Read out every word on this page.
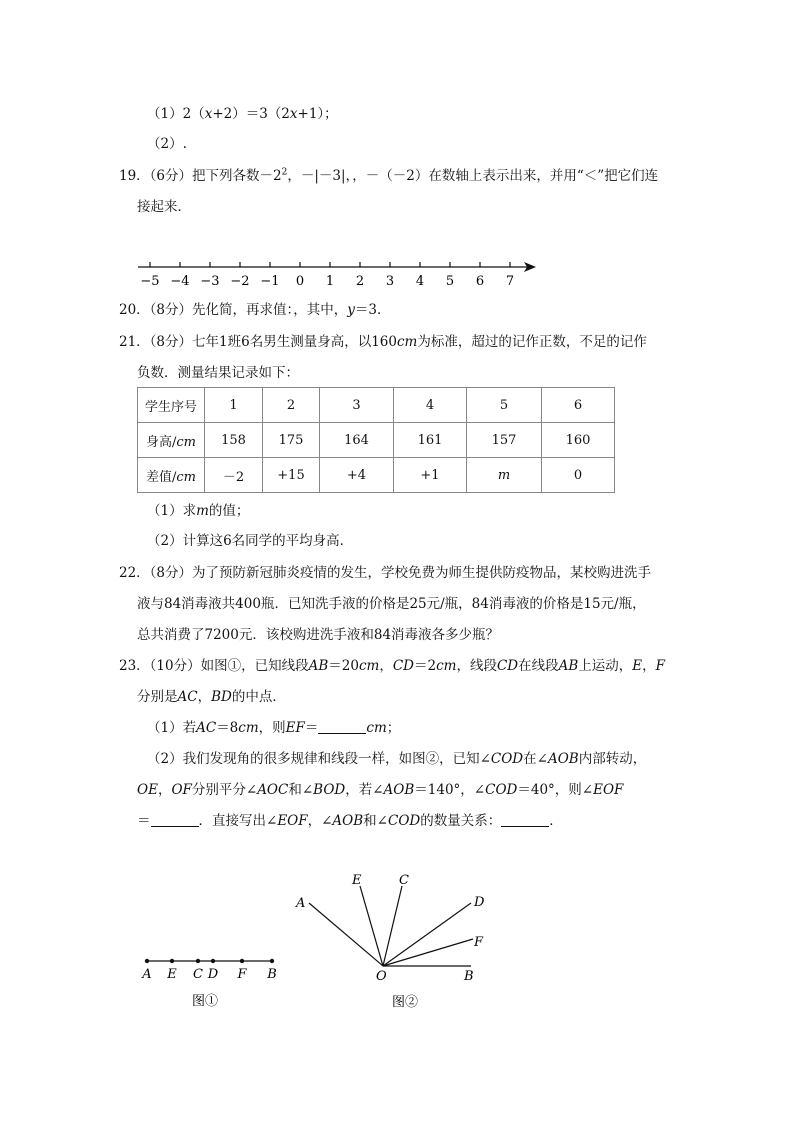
（1）2（x+2）＝3（2x+1）；
（2）.
19．（6分）把下列各数$-2^2$，－|－3|，，－（－2）在数轴上表示出来，并用“＜”把它们连
接起来．
−5 −4 −3 −2 −1 0 1 2 3 4 5 6 7
20．（8分）先化简，再求值：，其中，y＝3．
21．（8分）七年1班6名男生测量身高，以160cm为标准，超过的记作正数，不足的记作
负数．测量结果记录如下：
学生序号	1	2	3	4	5	6
身高/cm	158	175	164	161	157	160
差值/cm	－2	+15	+4	+1	m	0
（1）求m的值；
（2）计算这6名同学的平均身高．
22．（8分）为了预防新冠肺炎疫情的发生，学校免费为师生提供防疫物品，某校购进洗手
液与84消毒液共400瓶．已知洗手液的价格是25元/瓶，84消毒液的价格是15元/瓶，
总共消费了7200元．该校购进洗手液和84消毒液各多少瓶？
23．（10分）如图①，已知线段AB＝20cm，CD＝2cm，线段CD在线段AB上运动，E，F
分别是AC，BD的中点．
（1）若AC＝8cm，则EF＝	cm；
（2）我们发现角的很多规律和线段一样，如图②，已知∠COD在∠AOB内部转动，
OE，OF分别平分∠AOC和∠BOD，若∠AOB＝140°，∠COD＝40°，则∠EOF
＝	．直接写出∠EOF，∠AOB和∠COD的数量关系：	．
A E C D F B
图①
A
E	C
D
F
O	B
图②
